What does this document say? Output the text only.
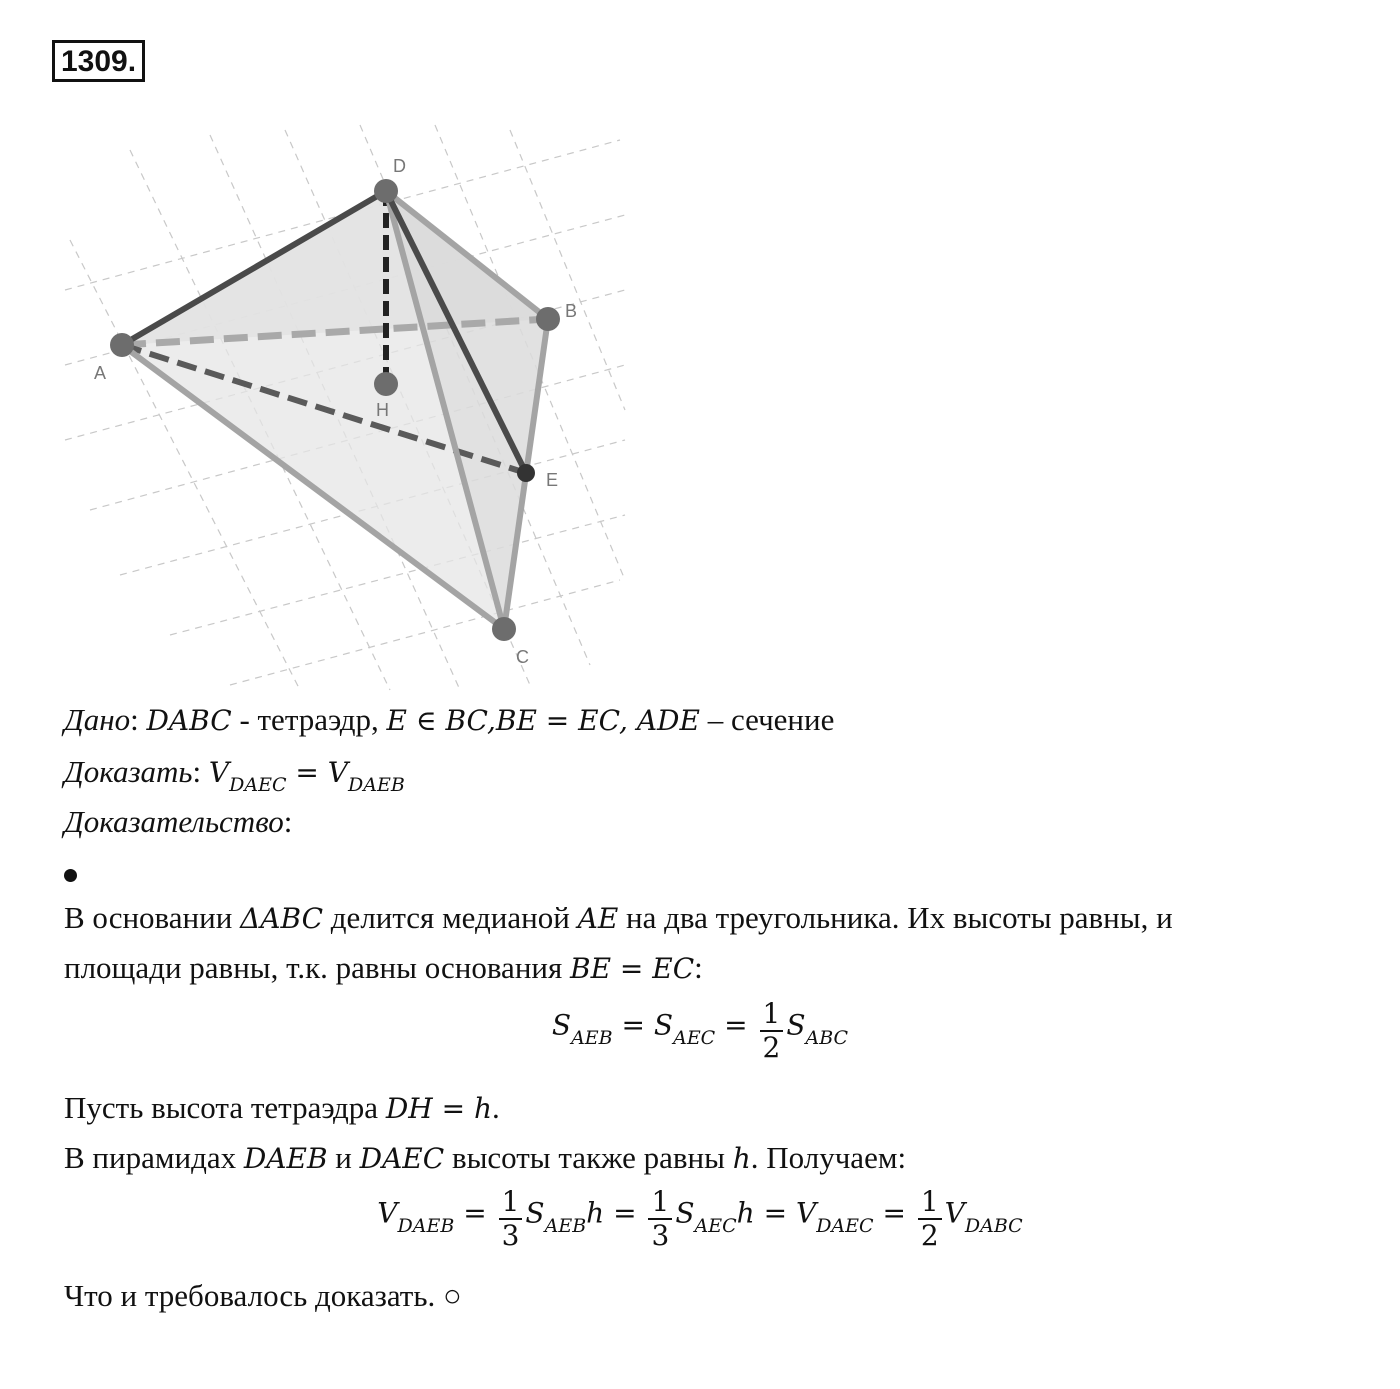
1309.
D
B
A
H
E
C
Дано: DABC - тетраэдр, E ∈ BC,BE = EC, ADE – сечение
Доказать: $V_{DAEC} = V_{DAEB}$
Доказательство:
В основании ΔABC делится медианой AE на два треугольника. Их высоты равны, и
площади равны, т.к. равны основания BE = EC:
SAEB = SAEC = $\frac{1}{2}$ SABC
Пусть высота тетраэдра DH = h.
В пирамидах DAEB и DAEC высоты также равны h. Получаем:
VDAEB = $\frac{1}{3}$ SAEBh = $\frac{1}{3}$ SAECh = VDAEC = $\frac{1}{2}$ VDABC
Что и требовалось доказать. ○
